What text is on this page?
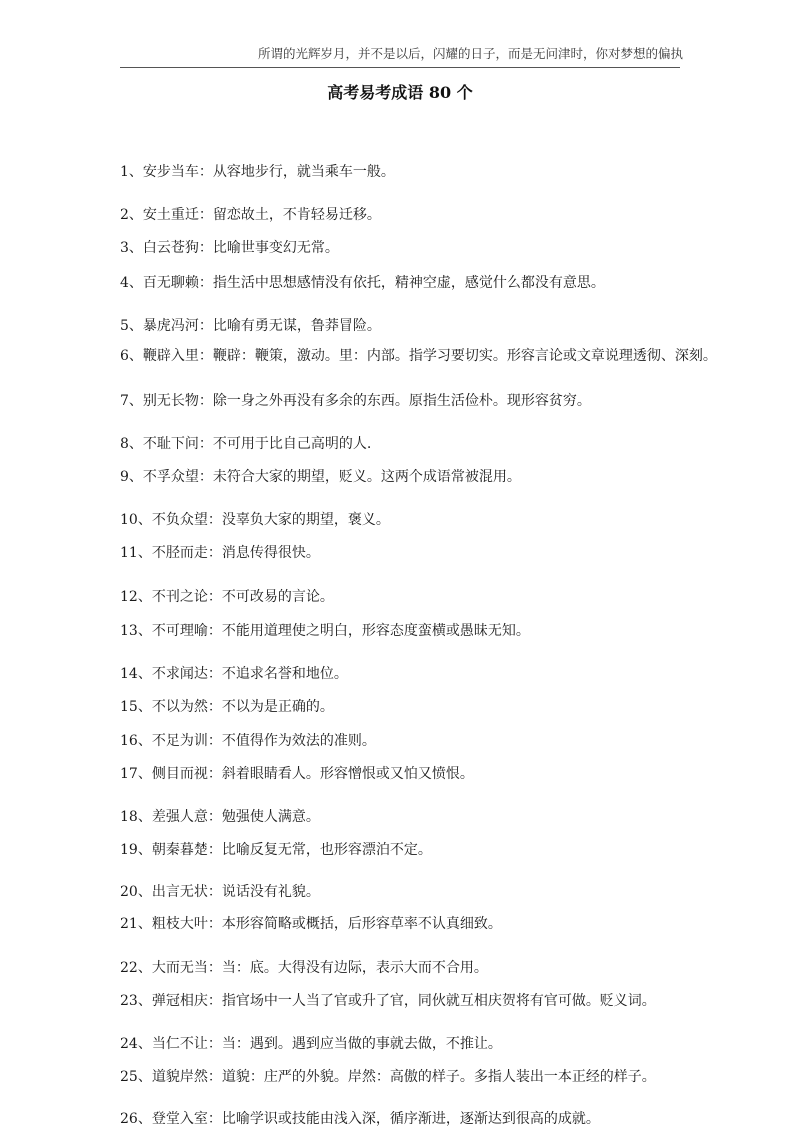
所谓的光辉岁月，并不是以后，闪耀的日子，而是无问津时，你对梦想的偏执
高考易考成语 80 个
1、安步当车：从容地步行，就当乘车一般。
2、安土重迁：留恋故土，不肯轻易迁移。
3、白云苍狗：比喻世事变幻无常。
4、百无聊赖：指生活中思想感情没有依托，精神空虚，感觉什么都没有意思。
5、暴虎冯河：比喻有勇无谋，鲁莽冒险。
6、鞭辟入里：鞭辟：鞭策，激动。里：内部。指学习要切实。形容言论或文章说理透彻、深刻。
7、别无长物：除一身之外再没有多余的东西。原指生活俭朴。现形容贫穷。
8、不耻下问：不可用于比自己高明的人.
9、不孚众望：未符合大家的期望，贬义。这两个成语常被混用。
10、不负众望：没辜负大家的期望，褒义。
11、不胫而走：消息传得很快。
12、不刊之论：不可改易的言论。
13、不可理喻：不能用道理使之明白，形容态度蛮横或愚昧无知。
14、不求闻达：不追求名誉和地位。
15、不以为然：不以为是正确的。
16、不足为训：不值得作为效法的准则。
17、侧目而视：斜着眼睛看人。形容憎恨或又怕又愤恨。
18、差强人意：勉强使人满意。
19、朝秦暮楚：比喻反复无常，也形容漂泊不定。
20、出言无状：说话没有礼貌。
21、粗枝大叶：本形容简略或概括，后形容草率不认真细致。
22、大而无当：当：底。大得没有边际，表示大而不合用。
23、弹冠相庆：指官场中一人当了官或升了官，同伙就互相庆贺将有官可做。贬义词。
24、当仁不让：当：遇到。遇到应当做的事就去做，不推让。
25、道貌岸然：道貌：庄严的外貌。岸然：高傲的样子。多指人装出一本正经的样子。
26、登堂入室：比喻学识或技能由浅入深，循序渐进，逐渐达到很高的成就。
